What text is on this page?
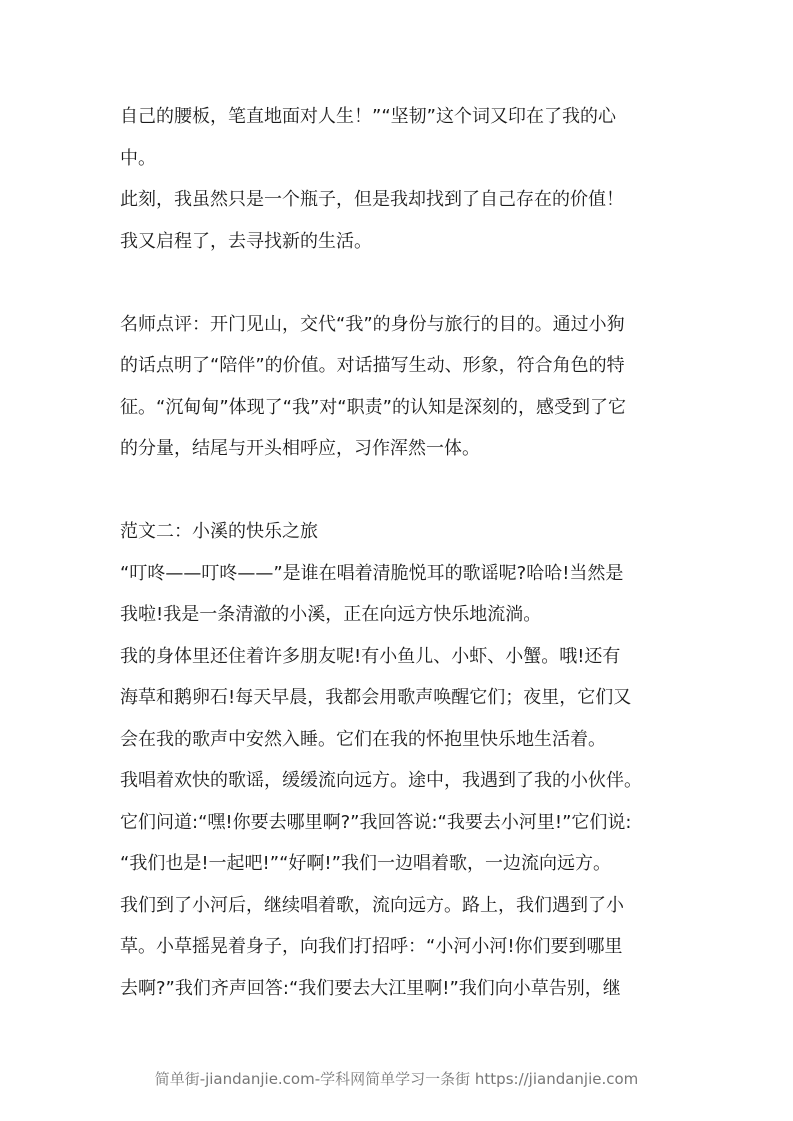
自己的腰板，笔直地面对人生！”“坚韧”这个词又印在了我的心
中。
此刻，我虽然只是一个瓶子，但是我却找到了自己存在的价值！
我又启程了，去寻找新的生活。
名师点评：开门见山，交代“我”的身份与旅行的目的。通过小狗
的话点明了“陪伴”的价值。对话描写生动、形象，符合角色的特
征。“沉甸甸”体现了“我”对“职责”的认知是深刻的，感受到了它
的分量，结尾与开头相呼应，习作浑然一体。
范文二：小溪的快乐之旅
“叮咚——叮咚——”是谁在唱着清脆悦耳的歌谣呢?哈哈!当然是
我啦!我是一条清澈的小溪，正在向远方快乐地流淌。
我的身体里还住着许多朋友呢!有小鱼儿、小虾、小蟹。哦!还有
海草和鹅卵石!每天早晨，我都会用歌声唤醒它们；夜里，它们又
会在我的歌声中安然入睡。它们在我的怀抱里快乐地生活着。
我唱着欢快的歌谣，缓缓流向远方。途中，我遇到了我的小伙伴。
它们问道:“嘿!你要去哪里啊?”我回答说:“我要去小河里!”它们说:
“我们也是!一起吧!”“好啊!”我们一边唱着歌，一边流向远方。
我们到了小河后，继续唱着歌，流向远方。路上，我们遇到了小
草。小草摇晃着身子，向我们打招呼：“小河小河!你们要到哪里
去啊?”我们齐声回答:“我们要去大江里啊!”我们向小草告别，继
简单街-jiandanjie.com-学科网简单学习一条街 https://jiandanjie.com
